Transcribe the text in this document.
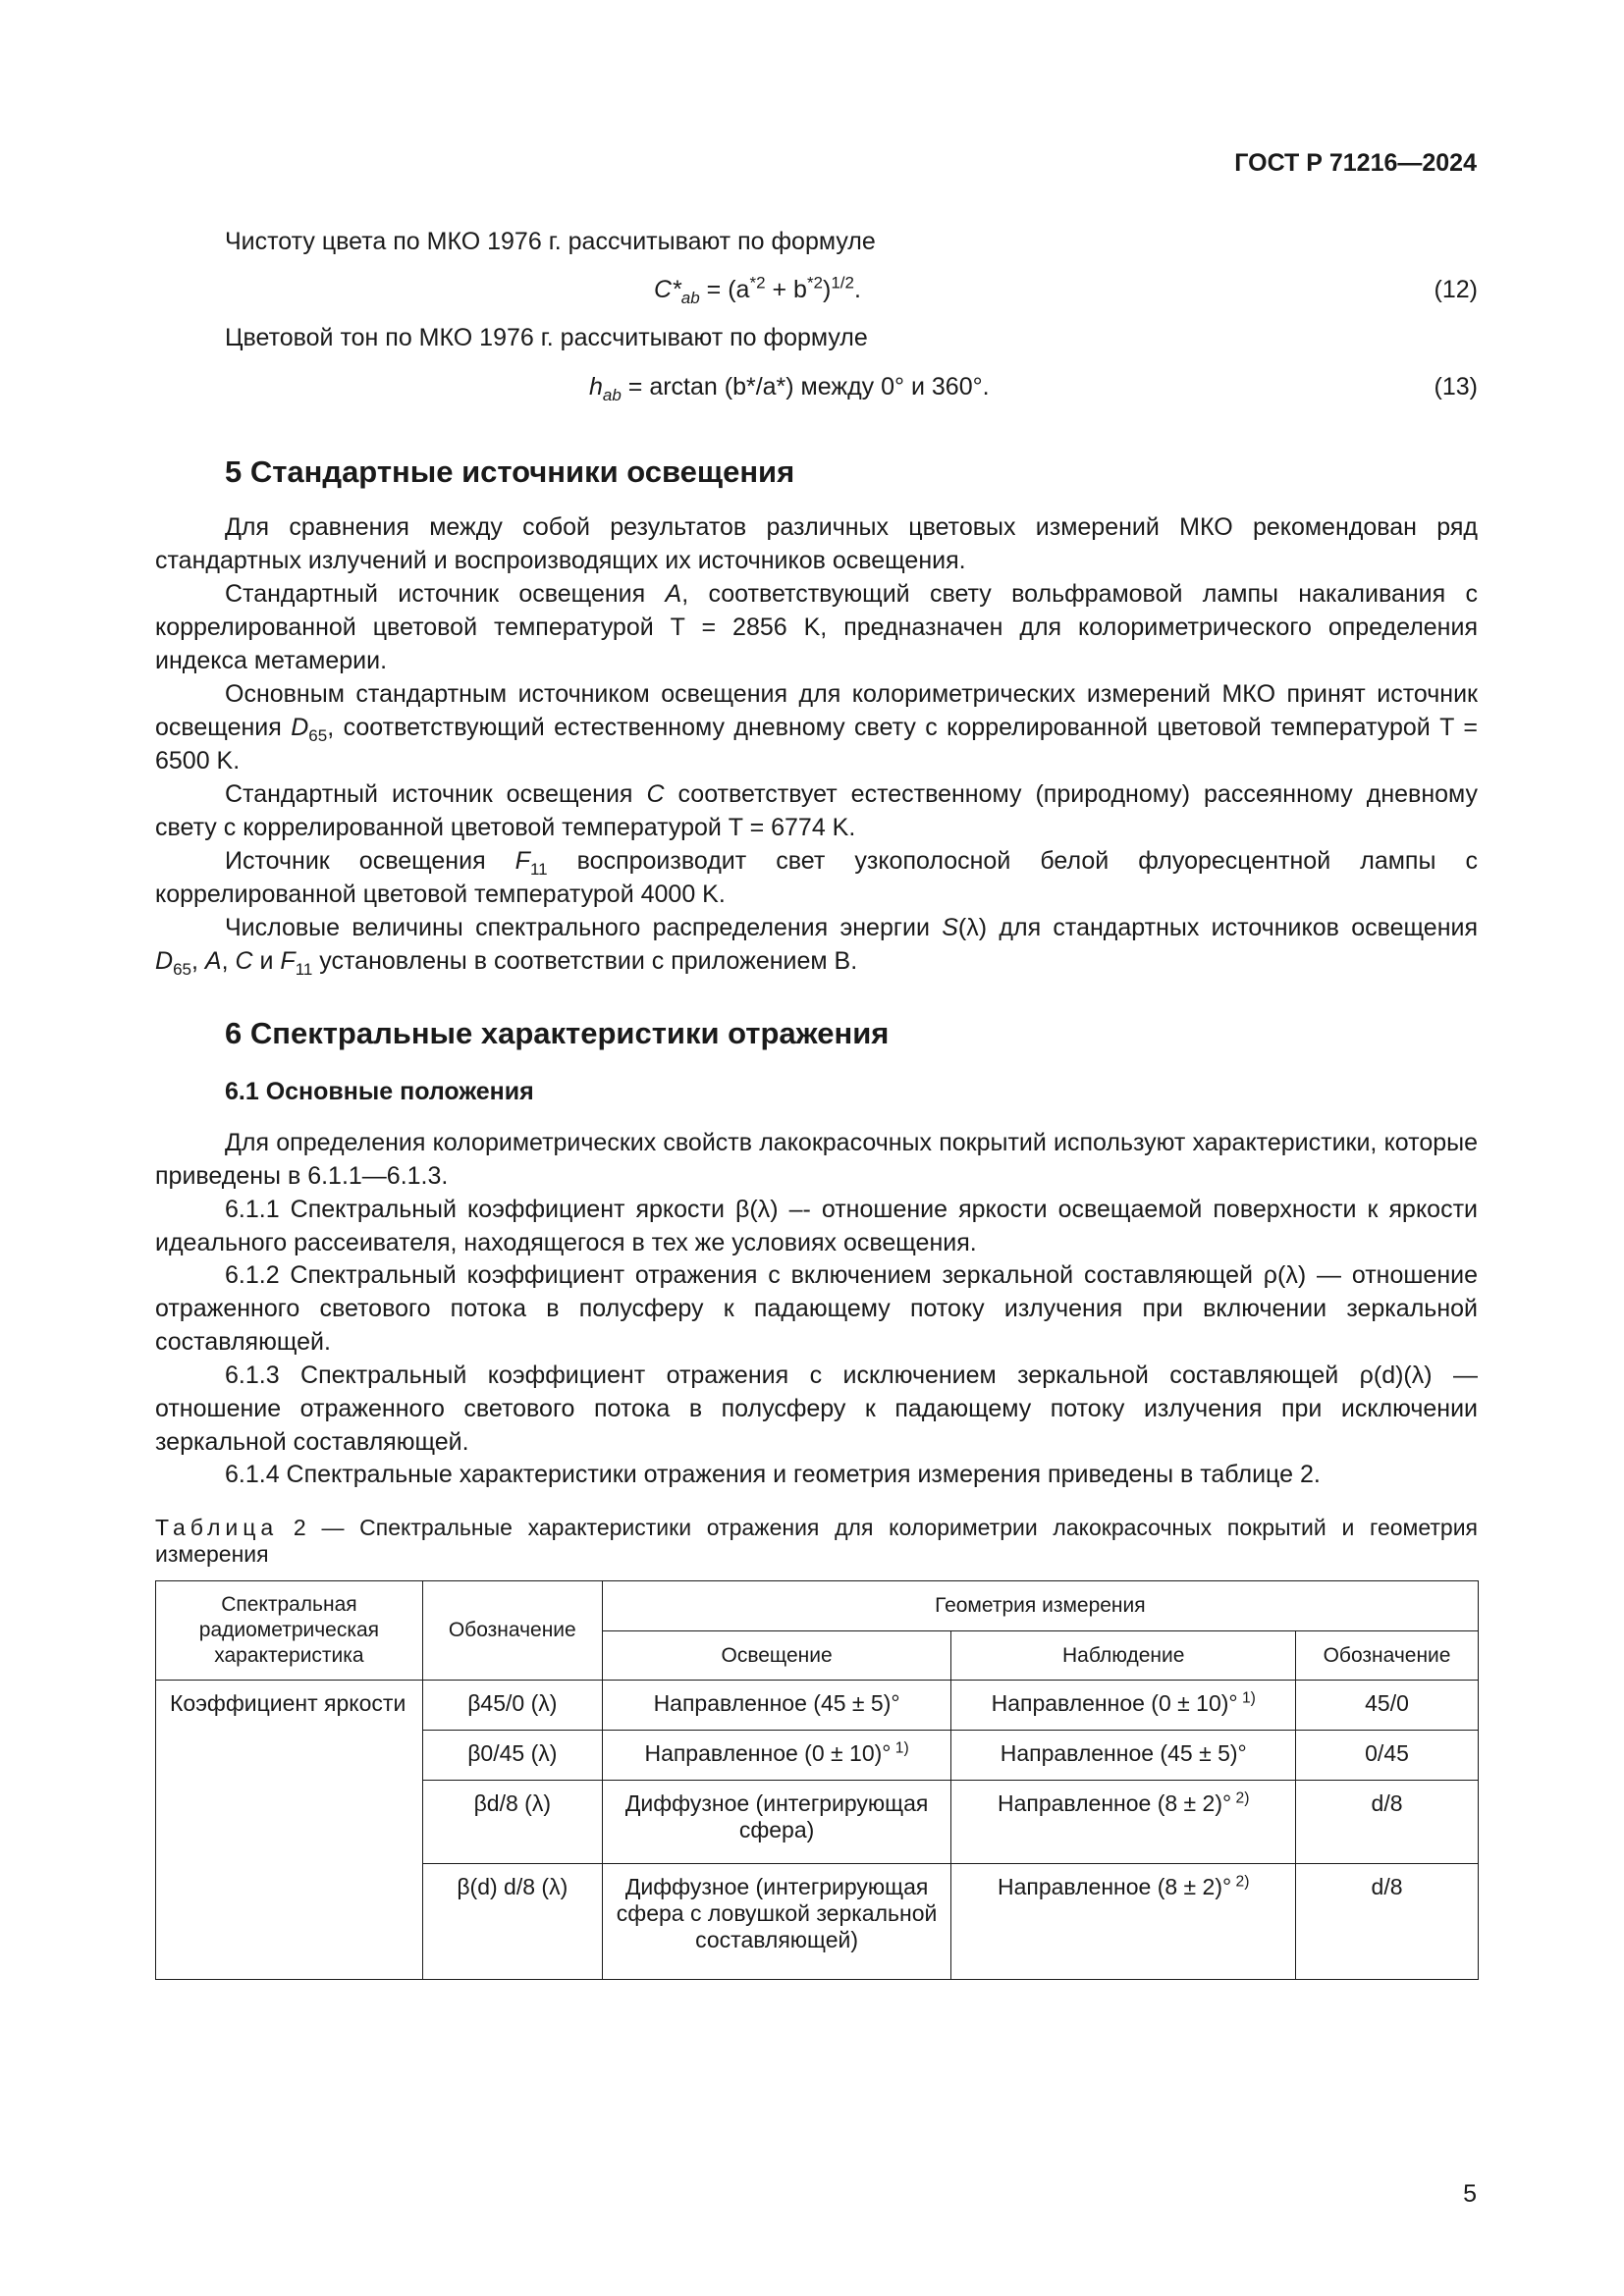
ГОСТ Р 71216—2024
Чистоту цвета по МКО 1976 г. рассчитывают по формуле
$C*_{ab} = (a^{*2} + b^{*2})^{1/2}$.	(12)
Цветовой тон по МКО 1976 г. рассчитывают по формуле
$h_{ab} = \arctan (b*/a*)$ между 0° и 360°.	(13)
5 Стандартные источники освещения

Для сравнения между собой результатов различных цветовых измерений МКО рекомендован ряд стандартных излучений и воспроизводящих их источников освещения.

Стандартный источник освещения A, соответствующий свету вольфрамовой лампы накаливания с коррелированной цветовой температурой T = 2856 K, предназначен для колориметрического определения индекса метамерии.

Основным стандартным источником освещения для колориметрических измерений МКО принят источник освещения $D_{65}$, соответствующий естественному дневному свету с коррелированной цветовой температурой T = 6500 K.

Стандартный источник освещения C соответствует естественному (природному) рассеянному дневному свету с коррелированной цветовой температурой T = 6774 K.

Источник освещения $F_{11}$ воспроизводит свет узкополосной белой флуоресцентной лампы с коррелированной цветовой температурой 4000 K.

Числовые величины спектрального распределения энергии S(λ) для стандартных источников освещения $D_{65}$, A, C и $F_{11}$ установлены в соответствии с приложением В.

6 Спектральные характеристики отражения
6.1 Основные положения

Для определения колориметрических свойств лакокрасочных покрытий используют характеристики, которые приведены в 6.1.1—6.1.3.

6.1.1 Спектральный коэффициент яркости β(λ) –- отношение яркости освещаемой поверхности к яркости идеального рассеивателя, находящегося в тех же условиях освещения.

6.1.2 Спектральный коэффициент отражения с включением зеркальной составляющей ρ(λ) — отношение отраженного светового потока в полусферу к падающему потоку излучения при включении зеркальной составляющей.

6.1.3 Спектральный коэффициент отражения с исключением зеркальной составляющей ρ(d)(λ) — отношение отраженного светового потока в полусферу к падающему потоку излучения при исключении зеркальной составляющей.

6.1.4 Спектральные характеристики отражения и геометрия измерения приведены в таблице 2.

Таблица 2 — Спектральные характеристики отражения для колориметрии лакокрасочных покрытий и геометрия измерения

Спектральная радиометрическая характеристика	Обозначение	Геометрия измерения		
		Освещение	Наблюдение	Обозначение
Коэффициент яркости	β45/0 (λ)	Направленное (45 ± 5)°	Направленное (0 ± 10)° $^{1)}$	45/0
	β0/45 (λ)	Направленное (0 ± 10)° $^{1)}$	Направленное (45 ± 5)°	0/45
	βd/8 (λ)	Диффузное (интегрирующая сфера)	Направленное (8 ± 2)° $^{2)}$	d/8
	β(d) d/8 (λ)	Диффузное (интегрирующая сфера с ловушкой зеркальной составляющей)	Направленное (8 ± 2)° $^{2)}$	d/8
5
